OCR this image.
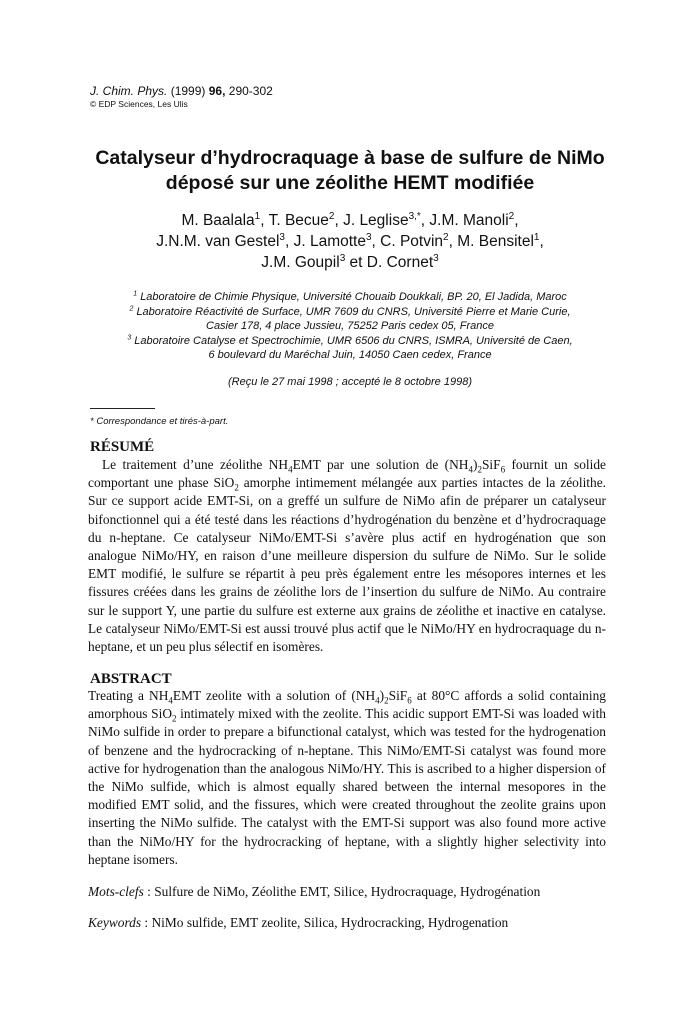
J. Chim. Phys. (1999) 96, 290-302
© EDP Sciences, Les Ulis
Catalyseur d’hydrocraquage à base de sulfure de NiMo
déposé sur une zéolithe HEMT modifiée
M. Baalala$^1$, T. Becue$^2$, J. Leglise$^{3,*}$, J.M. Manoli$^2$,
J.N.M. van Gestel$^3$, J. Lamotte$^3$, C. Potvin$^2$, M. Bensitel$^1$,
J.M. Goupil$^3$ et D. Cornet$^3$
$^1$ Laboratoire de Chimie Physique, Université Chouaib Doukkali, BP. 20, El Jadida, Maroc
$^2$ Laboratoire Réactivité de Surface, UMR 7609 du CNRS, Université Pierre et Marie Curie,
Casier 178, 4 place Jussieu, 75252 Paris cedex 05, France
$^3$ Laboratoire Catalyse et Spectrochimie, UMR 6506 du CNRS, ISMRA, Université de Caen,
6 boulevard du Maréchal Juin, 14050 Caen cedex, France
(Reçu le 27 mai 1998 ; accepté le 8 octobre 1998)
* Correspondance et tirés-à-part.
RÉSUMÉ

Le traitement d’une zéolithe $NH_4EMT$ par une solution de $(NH_4)_2SiF_6$ fournit un solide comportant une phase SiO$_2$ amorphe intimement mélangée aux parties intactes de la zéolithe. Sur ce support acide EMT-Si, on a greffé un sulfure de NiMo afin de préparer un catalyseur bifonctionnel qui a été testé dans les réactions d’hydrogénation du benzène et d’hydrocraquage du n-heptane. Ce catalyseur NiMo/EMT-Si s’avère plus actif en hydrogénation que son analogue NiMo/HY, en raison d’une meilleure dispersion du sulfure de NiMo. Sur le solide EMT modifié, le sulfure se répartit à peu près également entre les mésopores internes et les fissures créées dans les grains de zéolithe lors de l’insertion du sulfure de NiMo. Au contraire sur le support Y, une partie du sulfure est externe aux grains de zéolithe et inactive en catalyse. Le catalyseur NiMo/EMT-Si est aussi trouvé plus actif que le NiMo/HY en hydrocraquage du n-heptane, et un peu plus sélectif en isomères.

ABSTRACT

Treating a $NH_4EMT$ zeolite with a solution of $(NH_4)_2SiF_6$ at 80°C affords a solid containing amorphous SiO$_2$ intimately mixed with the zeolite. This acidic support EMT-Si was loaded with NiMo sulfide in order to prepare a bifunctional catalyst, which was tested for the hydrogenation of benzene and the hydrocracking of n-heptane. This NiMo/EMT-Si catalyst was found more active for hydrogenation than the analogous NiMo/HY. This is ascribed to a higher dispersion of the NiMo sulfide, which is almost equally shared between the internal mesopores in the modified EMT solid, and the fissures, which were created throughout the zeolite grains upon inserting the NiMo sulfide. The catalyst with the EMT-Si support was also found more active than the NiMo/HY for the hydrocracking of heptane, with a slightly higher selectivity into heptane isomers.

Mots-clefs : Sulfure de NiMo, Zéolithe EMT, Silice, Hydrocraquage, Hydrogénation

Keywords : NiMo sulfide, EMT zeolite, Silica, Hydrocracking, Hydrogenation
